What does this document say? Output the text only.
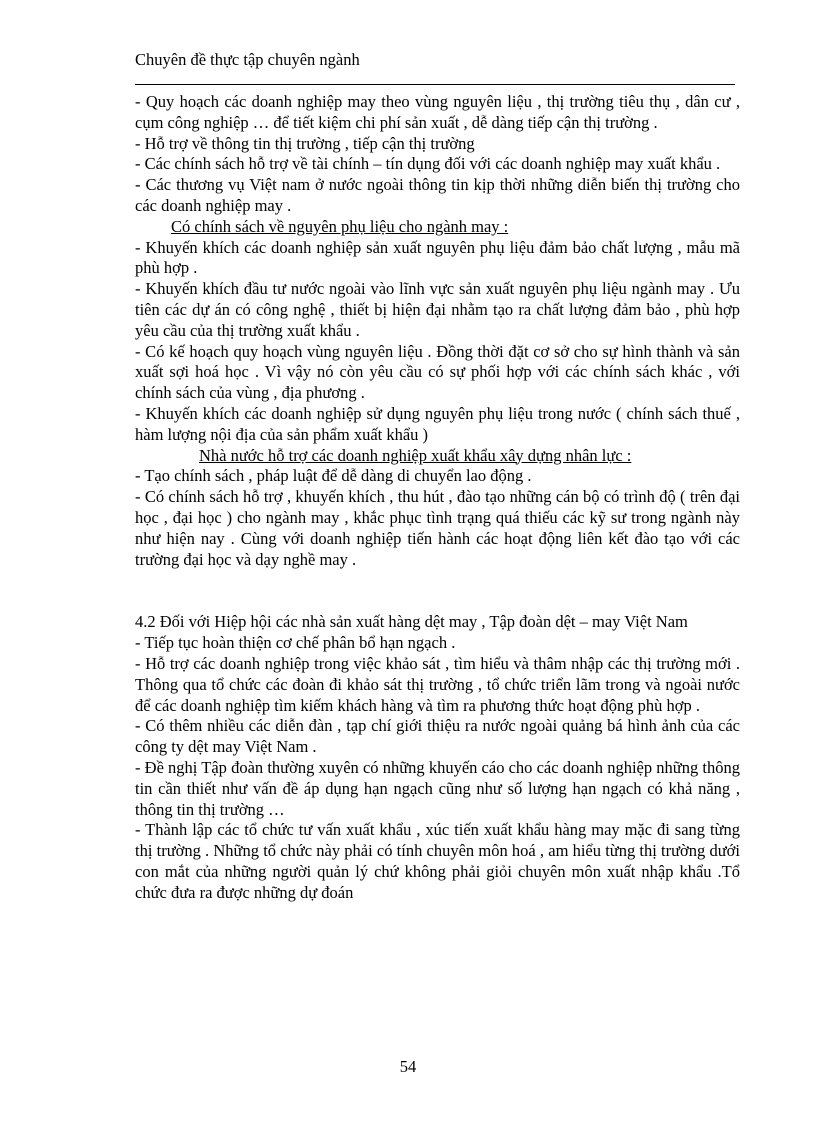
Chuyên đề thực tập chuyên ngành

- Quy hoạch các doanh nghiệp may theo vùng nguyên liệu , thị trường tiêu thụ , dân cư , cụm công nghiệp … để tiết kiệm chi phí sản xuất , dễ dàng tiếp cận thị trường .

- Hỗ trợ về thông tin thị trường , tiếp cận thị trường

- Các chính sách hỗ trợ về tài chính – tín dụng đối với các doanh nghiệp may xuất khẩu .

- Các thương vụ Việt nam ở nước ngoài thông tin kịp thời những diễn biến thị trường cho các doanh nghiệp may .

Có chính sách về nguyên phụ liệu cho ngành may :

- Khuyến khích các doanh nghiệp sản xuất nguyên phụ liệu đảm bảo chất lượng , mẫu mã phù hợp .

- Khuyến khích đầu tư nước ngoài vào lĩnh vực sản xuất nguyên phụ liệu ngành may . Ưu tiên các dự án có công nghệ , thiết bị hiện đại nhằm tạo ra chất lượng đảm bảo , phù hợp yêu cầu của thị trường xuất khẩu .

- Có kế hoạch quy hoạch vùng nguyên liệu . Đồng thời đặt cơ sở cho sự hình thành và sản xuất sợi hoá học . Vì vậy nó còn yêu cầu có sự phối hợp với các chính sách khác , với chính sách của vùng , địa phương .

- Khuyến khích các doanh nghiệp sử dụng nguyên phụ liệu trong nước ( chính sách thuế , hàm lượng nội địa của sản phẩm xuất khẩu )

Nhà nước hỗ trợ các doanh nghiệp xuất khẩu xây dựng nhân lực :

- Tạo chính sách , pháp luật để dễ dàng di chuyển lao động .

- Có chính sách hỗ trợ , khuyến khích , thu hút , đào tạo những cán bộ có trình độ ( trên đại học , đại học ) cho ngành may , khắc phục tình trạng quá thiếu các kỹ sư trong ngành này như hiện nay . Cùng với doanh nghiệp tiến hành các hoạt động liên kết đào tạo với các trường đại học và dạy nghề may .

4.2 Đối với Hiệp hội các nhà sản xuất hàng dệt may , Tập đoàn dệt – may Việt Nam

- Tiếp tục hoàn thiện cơ chế phân bổ hạn ngạch .

- Hỗ trợ các doanh nghiệp trong việc khảo sát , tìm hiểu và thâm nhập các thị trường mới . Thông qua tổ chức các đoàn đi khảo sát thị trường , tổ chức triển lãm trong và ngoài nước để các doanh nghiệp tìm kiếm khách hàng và tìm ra phương thức hoạt động phù hợp .

- Có thêm nhiều các diễn đàn , tạp chí giới thiệu ra nước ngoài quảng bá hình ảnh của các công ty dệt may Việt Nam .

- Đề nghị Tập đoàn thường xuyên có những khuyến cáo cho các doanh nghiệp những thông tin cần thiết như vấn đề áp dụng hạn ngạch cũng như số lượng hạn ngạch có khả năng , thông tin thị trường …

- Thành lập các tổ chức tư vấn xuất khẩu , xúc tiến xuất khẩu hàng may mặc đi sang từng thị trường . Những tổ chức này phải có tính chuyên môn hoá , am hiểu từng thị trường dưới con mắt của những người quản lý chứ không phải giỏi chuyên môn xuất nhập khẩu .Tổ chức đưa ra được những dự đoán

54
